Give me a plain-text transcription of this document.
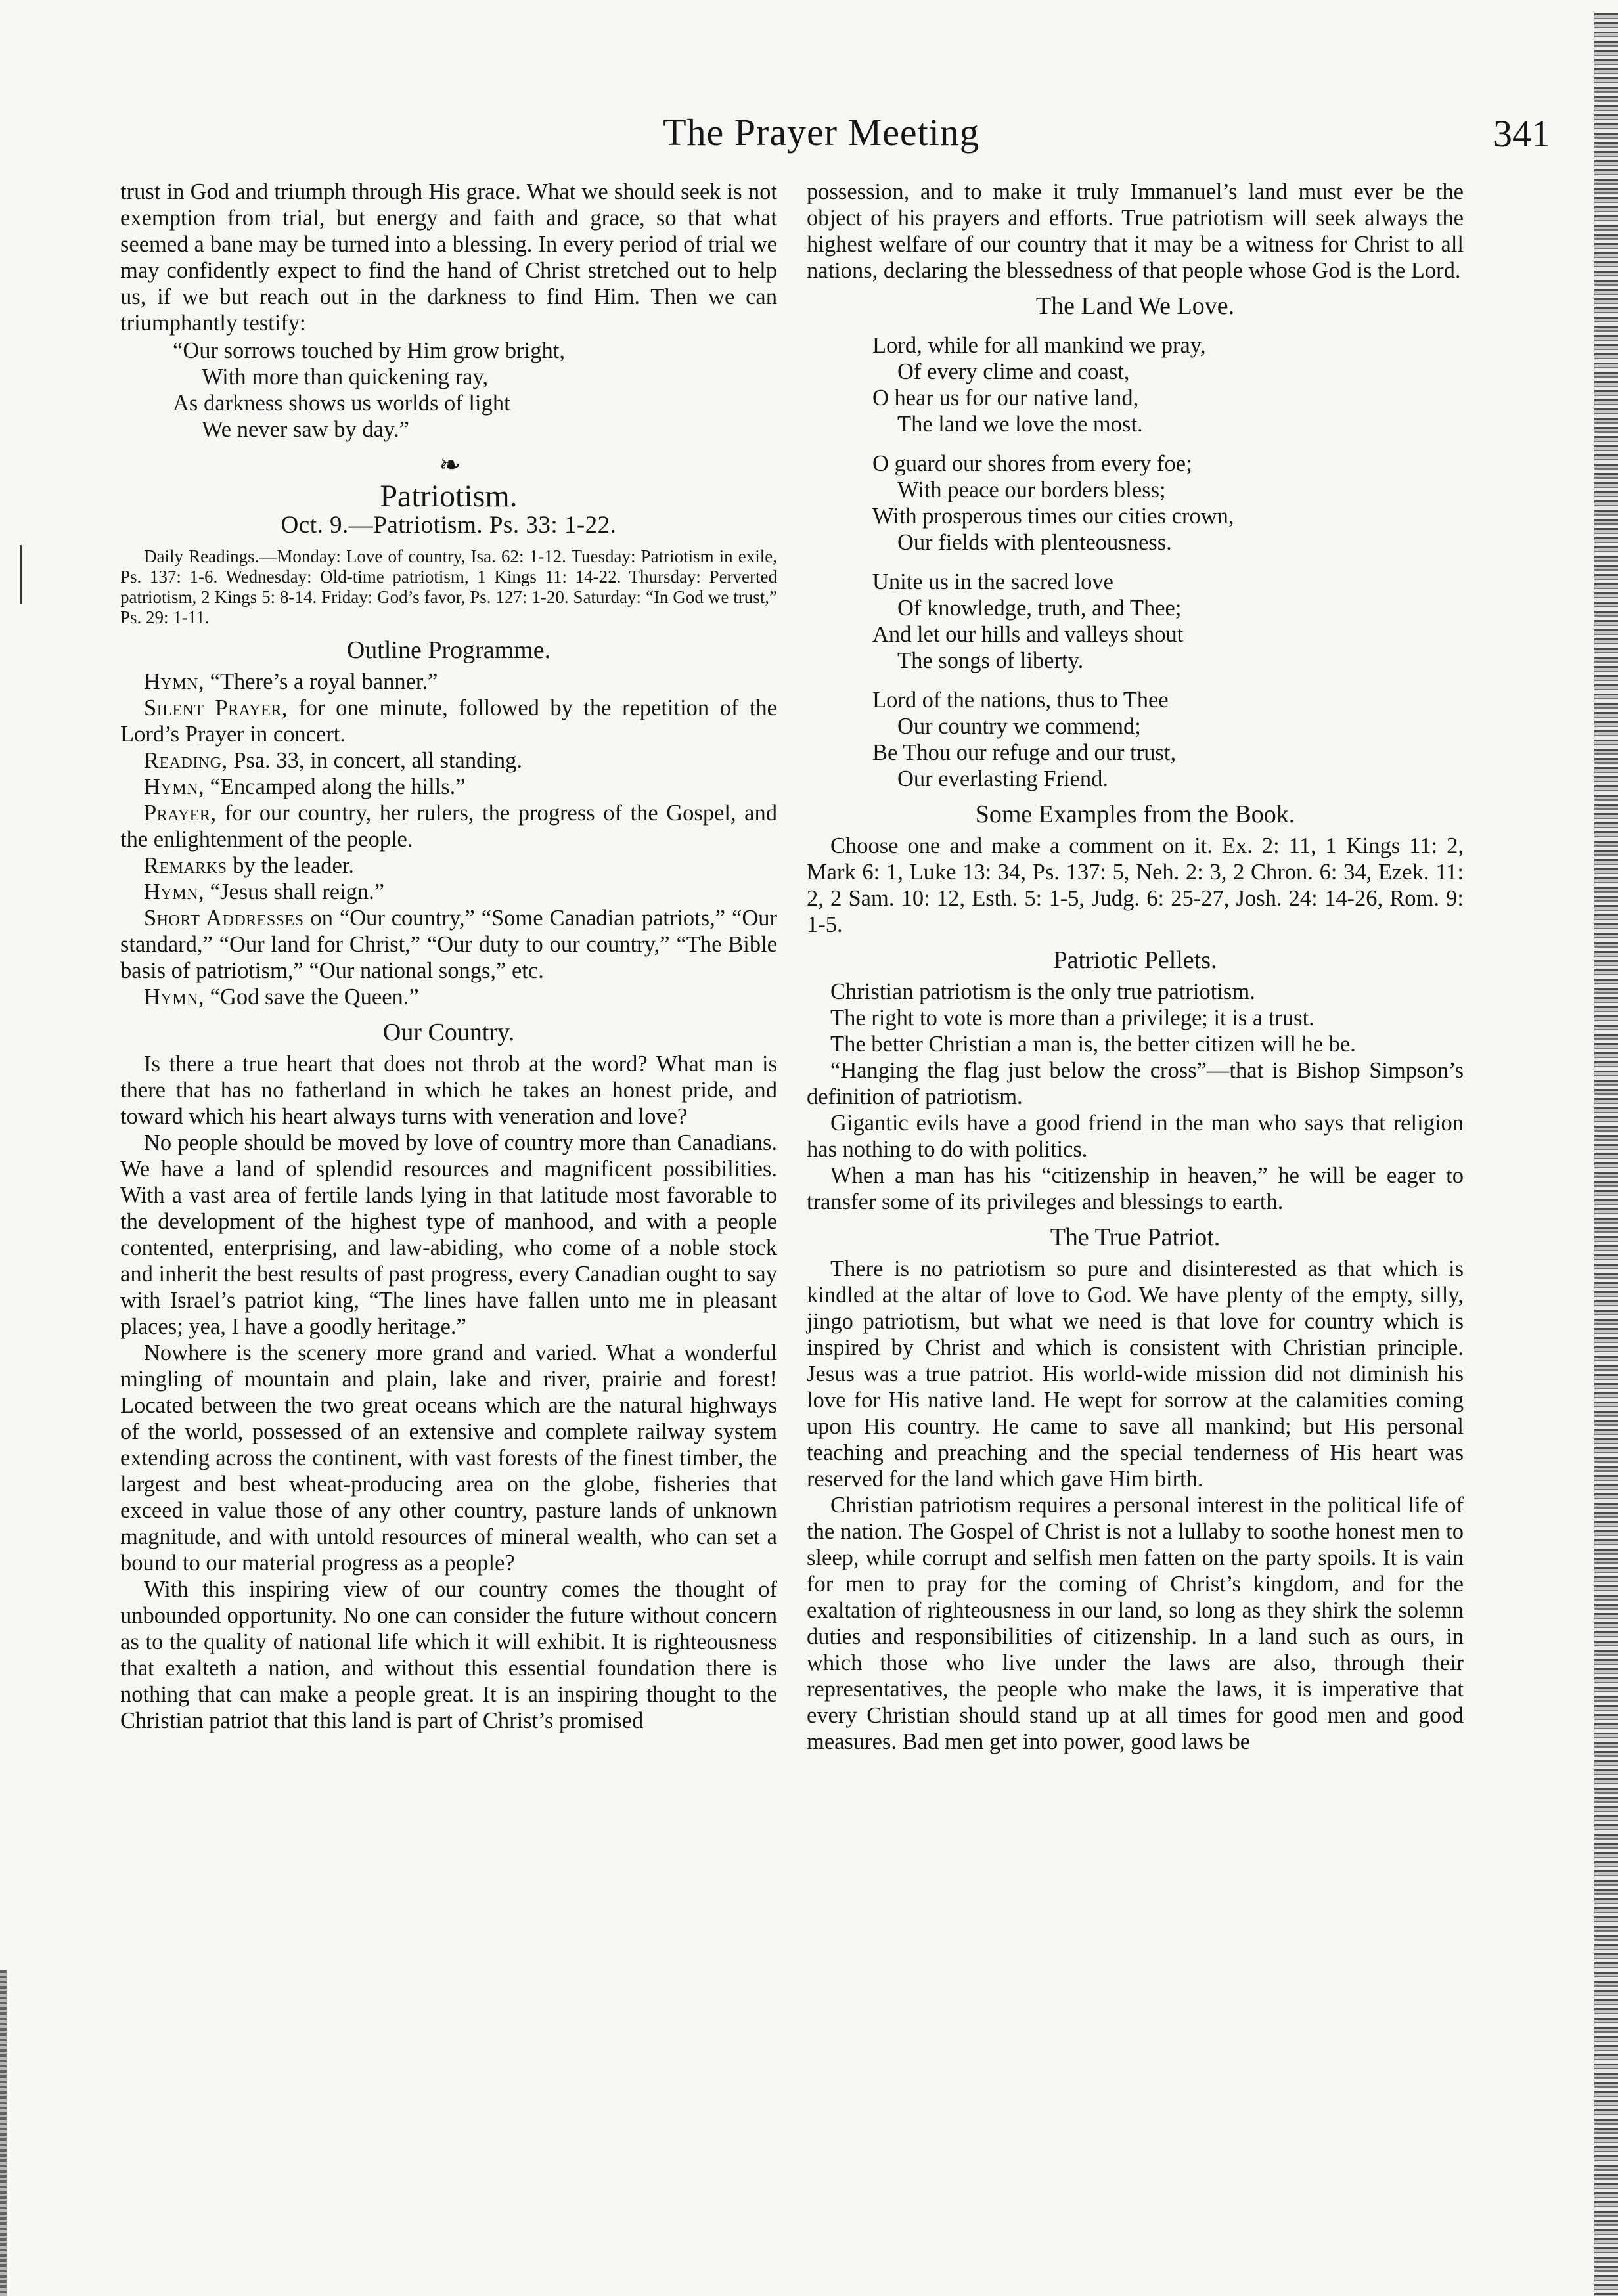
The Prayer Meeting	341

trust in God and triumph through His grace. What we should seek is not exemption from trial, but energy and faith and grace, so that what seemed a bane may be turned into a blessing. In every period of trial we may confidently expect to find the hand of Christ stretched out to help us, if we but reach out in the darkness to find Him. Then we can triumphantly testify:

“Our sorrows touched by Him grow bright,
With more than quickening ray,
As darkness shows us worlds of light
We never saw by day.”
❧
Patriotism.
Oct. 9.—Patriotism. Ps. 33: 1-22.

Daily Readings.—Monday: Love of country, Isa. 62: 1-12. Tuesday: Patriotism in exile, Ps. 137: 1-6. Wednesday: Old-time patriotism, 1 Kings 11: 14-22. Thursday: Perverted patriotism, 2 Kings 5: 8-14. Friday: God’s favor, Ps. 127: 1-20. Saturday: “In God we trust,” Ps. 29: 1-11.

Outline Programme.

Hymn, “There’s a royal banner.”

Silent Prayer, for one minute, followed by the repetition of the Lord’s Prayer in concert.

Reading, Psa. 33, in concert, all standing.

Hymn, “Encamped along the hills.”

Prayer, for our country, her rulers, the progress of the Gospel, and the enlightenment of the people.

Remarks by the leader.

Hymn, “Jesus shall reign.”

Short Addresses on “Our country,” “Some Canadian patriots,” “Our standard,” “Our land for Christ,” “Our duty to our country,” “The Bible basis of patriotism,” “Our national songs,” etc.

Hymn, “God save the Queen.”

Our Country.

Is there a true heart that does not throb at the word? What man is there that has no fatherland in which he takes an honest pride, and toward which his heart always turns with veneration and love?

No people should be moved by love of country more than Canadians. We have a land of splendid resources and magnificent possibilities. With a vast area of fertile lands lying in that latitude most favorable to the development of the highest type of manhood, and with a people contented, enterprising, and law-abiding, who come of a noble stock and inherit the best results of past progress, every Canadian ought to say with Israel’s patriot king, “The lines have fallen unto me in pleasant places; yea, I have a goodly heritage.”

Nowhere is the scenery more grand and varied. What a wonderful mingling of mountain and plain, lake and river, prairie and forest! Located between the two great oceans which are the natural highways of the world, possessed of an extensive and complete railway system extending across the continent, with vast forests of the finest timber, the largest and best wheat-producing area on the globe, fisheries that exceed in value those of any other country, pasture lands of unknown magnitude, and with untold resources of mineral wealth, who can set a bound to our material progress as a people?

With this inspiring view of our country comes the thought of unbounded opportunity. No one can consider the future without concern as to the quality of national life which it will exhibit. It is righteousness that exalteth a nation, and without this essential foundation there is nothing that can make a people great. It is an inspiring thought to the Christian patriot that this land is part of Christ’s promised

possession, and to make it truly Immanuel’s land must ever be the object of his prayers and efforts. True patriotism will seek always the highest welfare of our country that it may be a witness for Christ to all nations, declaring the blessedness of that people whose God is the Lord.

The Land We Love.
Lord, while for all mankind we pray,
Of every clime and coast,
O hear us for our native land,
The land we love the most.
O guard our shores from every foe;
With peace our borders bless;
With prosperous times our cities crown,
Our fields with plenteousness.
Unite us in the sacred love
Of knowledge, truth, and Thee;
And let our hills and valleys shout
The songs of liberty.
Lord of the nations, thus to Thee
Our country we commend;
Be Thou our refuge and our trust,
Our everlasting Friend.
Some Examples from the Book.

Choose one and make a comment on it. Ex. 2: 11, 1 Kings 11: 2, Mark 6: 1, Luke 13: 34, Ps. 137: 5, Neh. 2: 3, 2 Chron. 6: 34, Ezek. 11: 2, 2 Sam. 10: 12, Esth. 5: 1-5, Judg. 6: 25-27, Josh. 24: 14-26, Rom. 9: 1-5.

Patriotic Pellets.

Christian patriotism is the only true patriotism.

The right to vote is more than a privilege; it is a trust.

The better Christian a man is, the better citizen will he be.

“Hanging the flag just below the cross”—that is Bishop Simpson’s definition of patriotism.

Gigantic evils have a good friend in the man who says that religion has nothing to do with politics.

When a man has his “citizenship in heaven,” he will be eager to transfer some of its privileges and blessings to earth.

The True Patriot.

There is no patriotism so pure and disinterested as that which is kindled at the altar of love to God. We have plenty of the empty, silly, jingo patriotism, but what we need is that love for country which is inspired by Christ and which is consistent with Christian principle. Jesus was a true patriot. His world-wide mission did not diminish his love for His native land. He wept for sorrow at the calamities coming upon His country. He came to save all mankind; but His personal teaching and preaching and the special tenderness of His heart was reserved for the land which gave Him birth.

Christian patriotism requires a personal interest in the political life of the nation. The Gospel of Christ is not a lullaby to soothe honest men to sleep, while corrupt and selfish men fatten on the party spoils. It is vain for men to pray for the coming of Christ’s kingdom, and for the exaltation of righteousness in our land, so long as they shirk the solemn duties and responsibilities of citizenship. In a land such as ours, in which those who live under the laws are also, through their representatives, the people who make the laws, it is imperative that every Christian should stand up at all times for good men and good measures. Bad men get into power, good laws be
